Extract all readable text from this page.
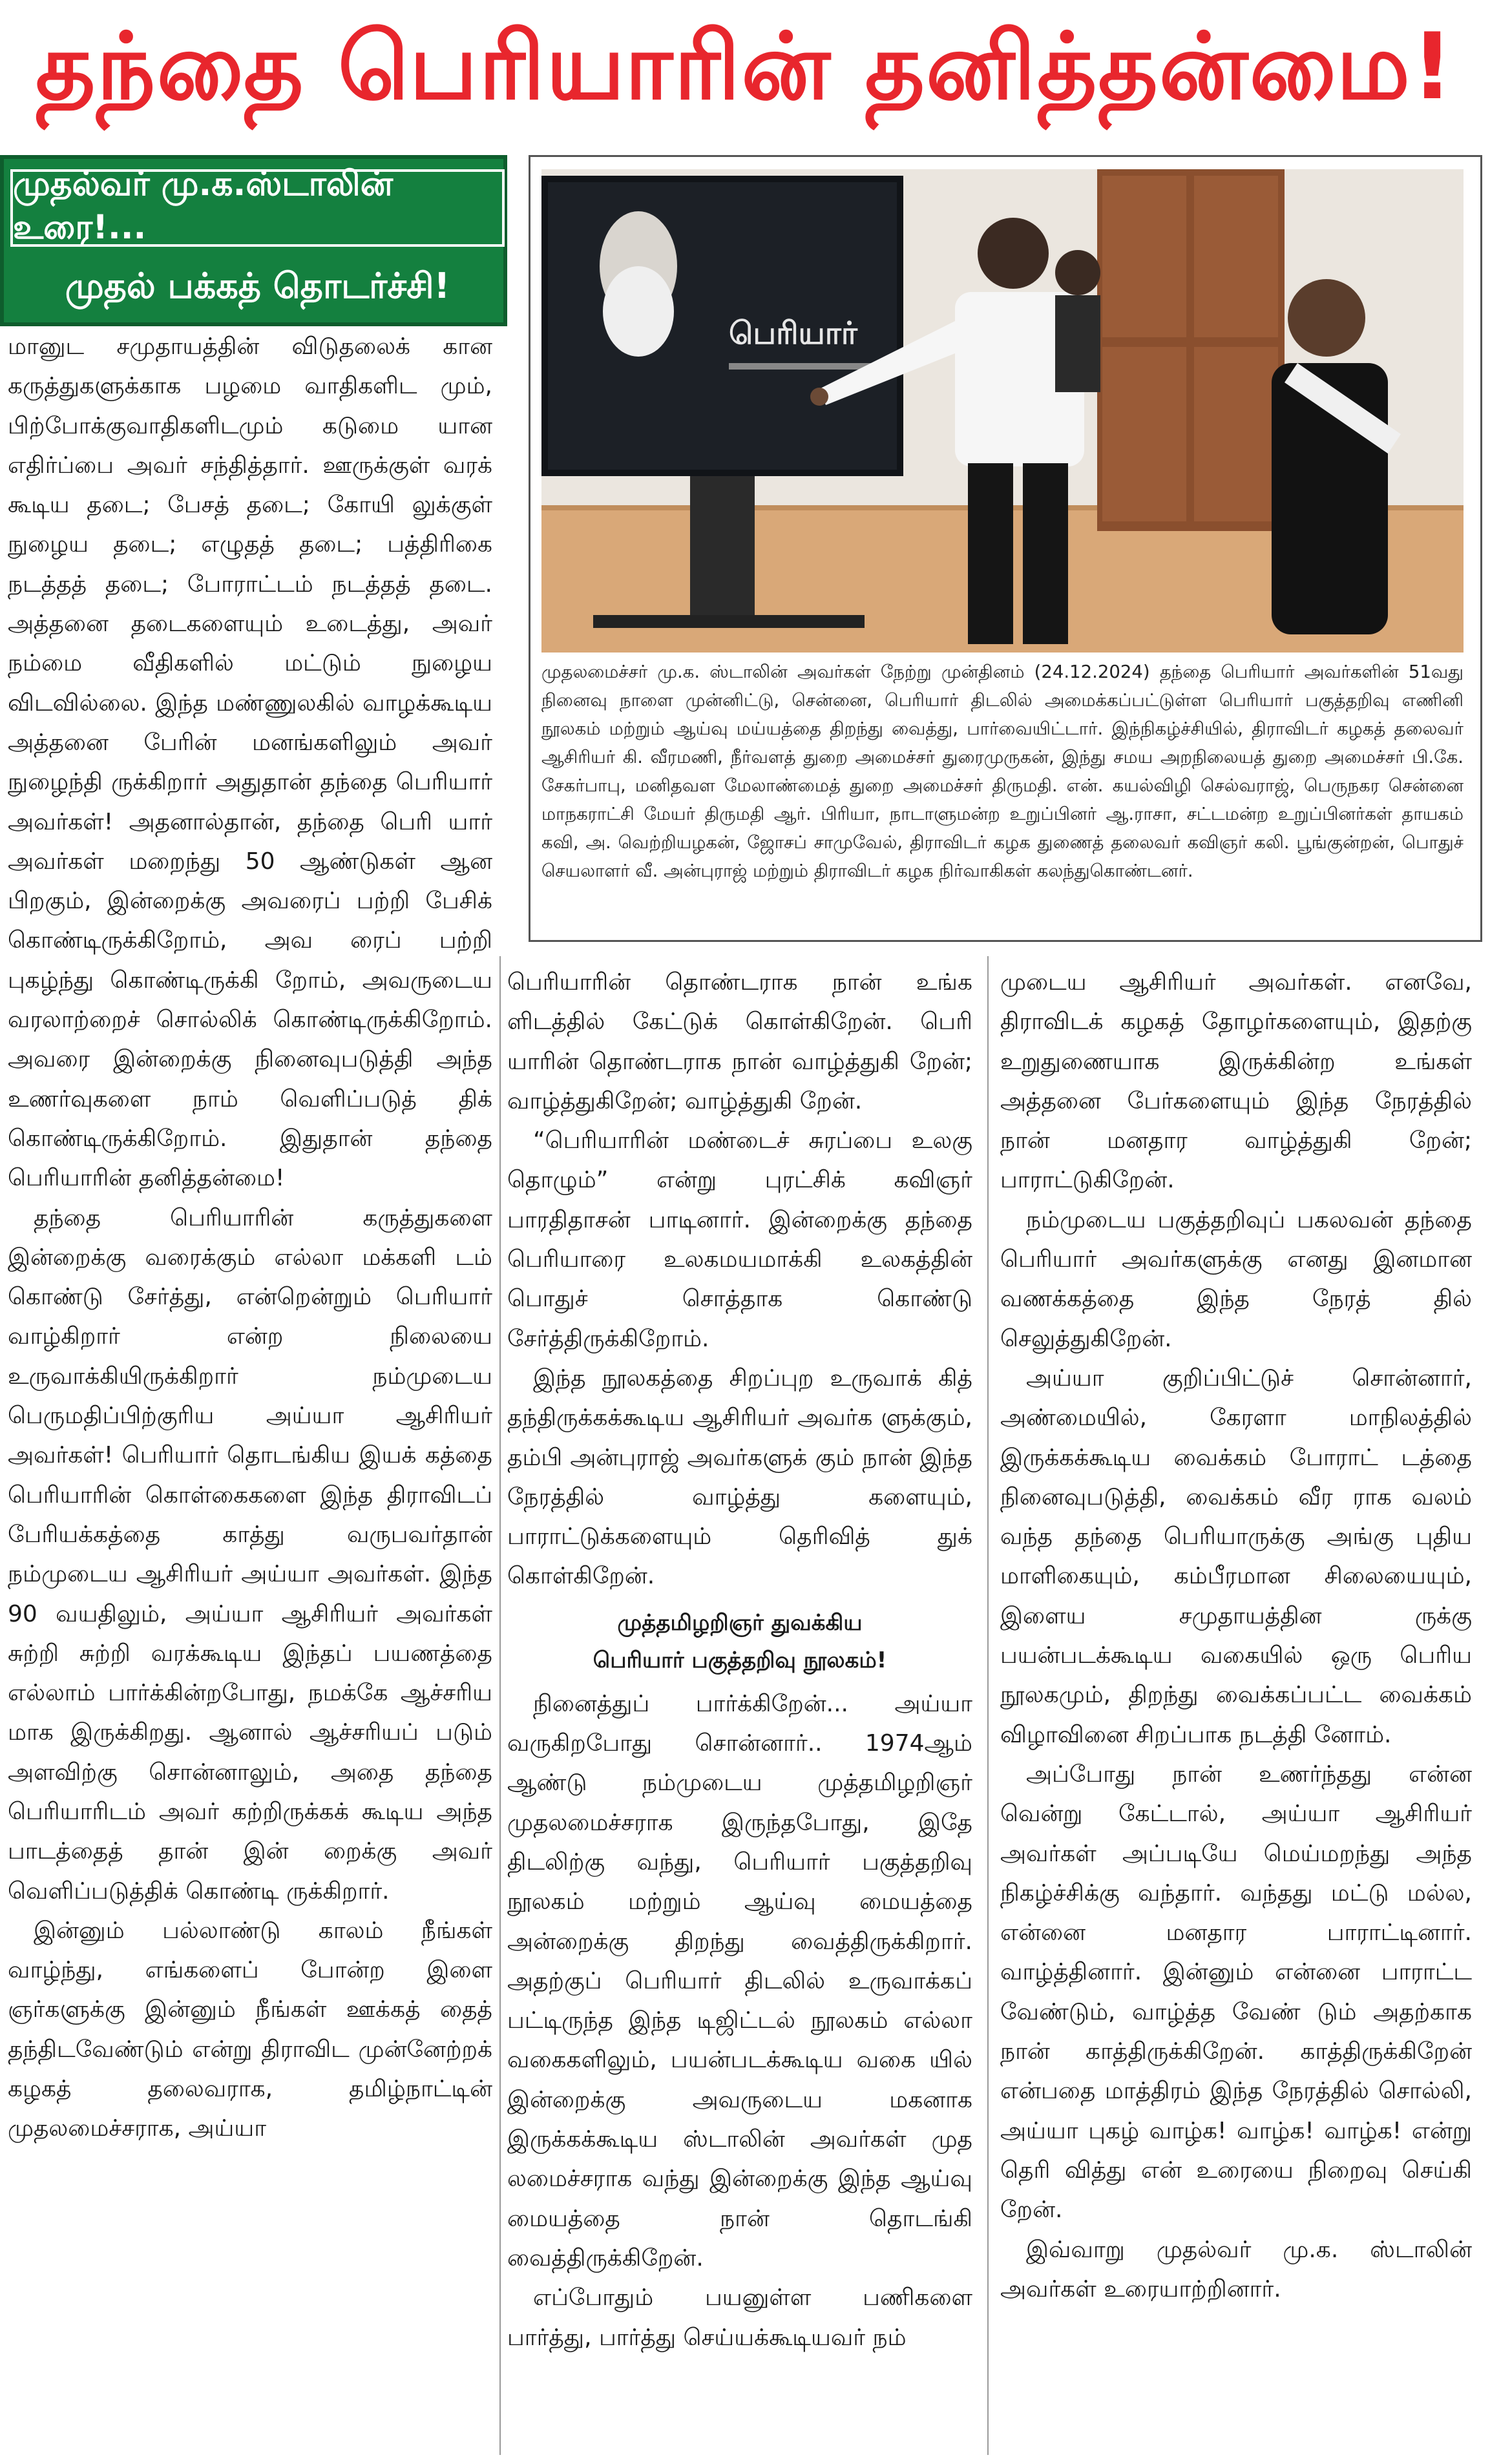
தந்தை பெரியாரின் தனித்தன்மை!
முதல்வர் மு.க.ஸ்டாலின் உரை!...
முதல் பக்கத் தொடர்ச்சி!
பெரியார்
முதலமைச்சர் மு.க. ஸ்டாலின் அவர்கள் நேற்று முன்தினம் (24.12.2024) தந்தை பெரியார் அவர்களின் 51வது நினைவு நாளை முன்னிட்டு, சென்னை, பெரியார் திடலில் அமைக்கப்பட்டுள்ள பெரியார் பகுத்தறிவு எணினி நூலகம் மற்றும் ஆய்வு மய்யத்தை திறந்து வைத்து, பார்வையிட்டார். இந்நிகழ்ச்சியில், திராவிடர் கழகத் தலைவர் ஆசிரியர் கி. வீரமணி, நீர்வளத் துறை அமைச்சர் துரைமுருகன், இந்து சமய அறநிலையத் துறை அமைச்சர் பி.கே. சேகர்பாபு, மனிதவள மேலாண்மைத் துறை அமைச்சர் திருமதி. என். கயல்விழி செல்வராஜ், பெருநகர சென்னை மாநகராட்சி மேயர் திருமதி ஆர். பிரியா, நாடாளுமன்ற உறுப்பினர் ஆ.ராசா, சட்டமன்ற உறுப்பினர்கள் தாயகம் கவி, அ. வெற்றியழகன், ஜோசப் சாமுவேல், திராவிடர் கழக துணைத் தலைவர் கவிஞர் கலி. பூங்குன்றன், பொதுச் செயலாளர் வீ. அன்புராஜ் மற்றும் திராவிடர் கழக நிர்வாகிகள் கலந்துகொண்டனர்.

மானுட சமுதாயத்தின் விடுதலைக் கான கருத்துகளுக்காக பழமை வாதிகளிட மும், பிற்போக்குவாதிகளிடமும் கடுமை யான எதிர்ப்பை அவர் சந்தித்தார். ஊருக்குள் வரக் கூடிய தடை; பேசத் தடை; கோயி லுக்குள் நுழைய தடை; எழுதத் தடை; பத்திரிகை நடத்தத் தடை; போராட்டம் நடத்தத் தடை. அத்தனை தடைகளையும் உடைத்து, அவர் நம்மை வீதிகளில் மட்டும் நுழைய விடவில்லை. இந்த மண்ணுலகில் வாழக்கூடிய அத்தனை பேரின் மனங்களிலும் அவர் நுழைந்தி ருக்கிறார் அதுதான் தந்தை பெரியார் அவர்கள்! அதனால்தான், தந்தை பெரி யார் அவர்கள் மறைந்து 50 ஆண்டுகள் ஆன பிறகும், இன்றைக்கு அவரைப் பற்றி பேசிக் கொண்டிருக்கிறோம், அவ ரைப் பற்றி புகழ்ந்து கொண்டிருக்கி றோம், அவருடைய வரலாற்றைச் சொல்லிக் கொண்டிருக்கிறோம். அவரை இன்றைக்கு நினைவுபடுத்தி அந்த உணர்வுகளை நாம் வெளிப்படுத் திக் கொண்டிருக்கிறோம். இதுதான் தந்தை பெரியாரின் தனித்தன்மை!

தந்தை பெரியாரின் கருத்துகளை இன்றைக்கு வரைக்கும் எல்லா மக்களி டம் கொண்டு சேர்த்து, என்றென்றும் பெரியார் வாழ்கிறார் என்ற நிலையை உருவாக்கியிருக்கிறார் நம்முடைய பெருமதிப்பிற்குரிய அய்யா ஆசிரியர் அவர்கள்! பெரியார் தொடங்கிய இயக் கத்தை பெரியாரின் கொள்கைகளை இந்த திராவிடப் பேரியக்கத்தை காத்து வருபவர்தான் நம்முடைய ஆசிரியர் அய்யா அவர்கள். இந்த 90 வயதிலும், அய்யா ஆசிரியர் அவர்கள் சுற்றி சுற்றி வரக்கூடிய இந்தப் பயணத்தை எல்லாம் பார்க்கின்றபோது, நமக்கே ஆச்சரிய மாக இருக்கிறது. ஆனால் ஆச்சரியப் படும் அளவிற்கு சொன்னாலும், அதை தந்தை பெரியாரிடம் அவர் கற்றிருக்கக் கூடிய அந்த பாடத்தைத் தான் இன் றைக்கு அவர் வெளிப்படுத்திக் கொண்டி ருக்கிறார்.

இன்னும் பல்லாண்டு காலம் நீங்கள் வாழ்ந்து, எங்களைப் போன்ற இளை ஞர்களுக்கு இன்னும் நீங்கள் ஊக்கத் தைத் தந்திடவேண்டும் என்று திராவிட முன்னேற்றக் கழகத் தலைவராக, தமிழ்நாட்டின் முதலமைச்சராக, அய்யா

பெரியாரின் தொண்டராக நான் உங்க ளிடத்தில் கேட்டுக் கொள்கிறேன். பெரி யாரின் தொண்டராக நான் வாழ்த்துகி றேன்; வாழ்த்துகிறேன்; வாழ்த்துகி றேன்.

“பெரியாரின் மண்டைச் சுரப்பை உலகு தொழும்” என்று புரட்சிக் கவிஞர் பாரதிதாசன் பாடினார். இன்றைக்கு தந்தை பெரியாரை உலகமயமாக்கி உலகத்தின் பொதுச் சொத்தாக கொண்டு சேர்த்திருக்கிறோம்.

இந்த நூலகத்தை சிறப்புற உருவாக் கித் தந்திருக்கக்கூடிய ஆசிரியர் அவர்க ளுக்கும், தம்பி அன்புராஜ் அவர்களுக் கும் நான் இந்த நேரத்தில் வாழ்த்து களையும், பாராட்டுக்களையும் தெரிவித் துக் கொள்கிறேன்.

முத்தமிழறிஞர் துவக்கிய
பெரியார் பகுத்தறிவு நூலகம்!

நினைத்துப் பார்க்கிறேன்... அய்யா வருகிறபோது சொன்னார்.. 1974ஆம் ஆண்டு நம்முடைய முத்தமிழறிஞர் முதலமைச்சராக இருந்தபோது, இதே திடலிற்கு வந்து, பெரியார் பகுத்தறிவு நூலகம் மற்றும் ஆய்வு மையத்தை அன்றைக்கு திறந்து வைத்திருக்கிறார். அதற்குப் பெரியார் திடலில் உருவாக்கப் பட்டிருந்த இந்த டிஜிட்டல் நூலகம் எல்லா வகைகளிலும், பயன்படக்கூடிய வகை யில் இன்றைக்கு அவருடைய மகனாக இருக்கக்கூடிய ஸ்டாலின் அவர்கள் முத லமைச்சராக வந்து இன்றைக்கு இந்த ஆய்வு மையத்தை நான் தொடங்கி வைத்திருக்கிறேன்.

எப்போதும் பயனுள்ள பணிகளை பார்த்து, பார்த்து செய்யக்கூடியவர் நம்

முடைய ஆசிரியர் அவர்கள். எனவே, திராவிடக் கழகத் தோழர்களையும், இதற்கு உறுதுணையாக இருக்கின்ற உங்கள் அத்தனை பேர்களையும் இந்த நேரத்தில் நான் மனதார வாழ்த்துகி றேன்; பாராட்டுகிறேன்.

நம்முடைய பகுத்தறிவுப் பகலவன் தந்தை பெரியார் அவர்களுக்கு எனது இனமான வணக்கத்தை இந்த நேரத் தில் செலுத்துகிறேன்.

அய்யா குறிப்பிட்டுச் சொன்னார், அண்மையில், கேரளா மாநிலத்தில் இருக்கக்கூடிய வைக்கம் போராட் டத்தை நினைவுபடுத்தி, வைக்கம் வீர ராக வலம் வந்த தந்தை பெரியாருக்கு அங்கு புதிய மாளிகையும், கம்பீரமான சிலையையும், இளைய சமுதாயத்தின ருக்கு பயன்படக்கூடிய வகையில் ஒரு பெரிய நூலகமும், திறந்து வைக்கப்பட்ட வைக்கம் விழாவினை சிறப்பாக நடத்தி னோம்.

அப்போது நான் உணர்ந்தது என்ன வென்று கேட்டால், அய்யா ஆசிரியர் அவர்கள் அப்படியே மெய்மறந்து அந்த நிகழ்ச்சிக்கு வந்தார். வந்தது மட்டு மல்ல, என்னை மனதார பாராட்டினார். வாழ்த்தினார். இன்னும் என்னை பாராட்ட வேண்டும், வாழ்த்த வேண் டும் அதற்காக நான் காத்திருக்கிறேன். காத்திருக்கிறேன் என்பதை மாத்திரம் இந்த நேரத்தில் சொல்லி, அய்யா புகழ் வாழ்க! வாழ்க! வாழ்க! என்று தெரி வித்து என் உரையை நிறைவு செய்கி றேன்.

இவ்வாறு முதல்வர் மு.க. ஸ்டாலின் அவர்கள் உரையாற்றினார்.
